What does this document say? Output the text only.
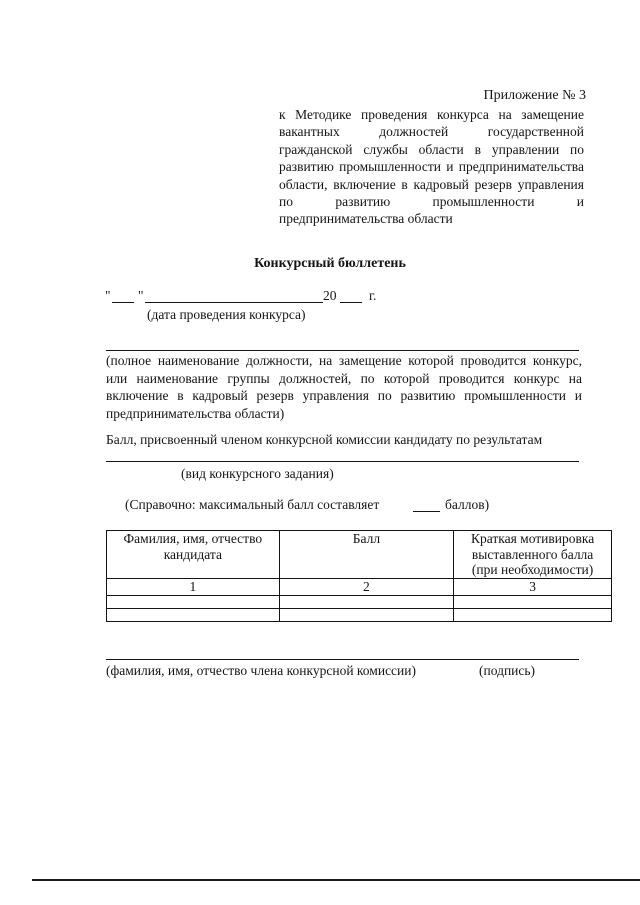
Приложение № 3
к Методике проведения конкурса на замещение вакантных должностей государственной гражданской службы области в управлении по развитию промышленности и предпринимательства области, включение в кадровый резерв управления по развитию промышленности и предпринимательства области
Конкурсный бюллетень
" "	20 г.
(дата проведения конкурса)
(полное наименование должности, на замещение которой проводится конкурс, или наименование группы должностей, по которой проводится конкурс на включение в кадровый резерв управления по развитию промышленности и предпринимательства области)
Балл, присвоенный членом конкурсной комиссии кандидату по результатам
(вид конкурсного задания)
(Справочно: максимальный балл составляет	баллов)
Фамилия, имя, отчество кандидата	Балл	Краткая мотивировка выставленного балла (при необходимости)
1	2	3

(фамилия, имя, отчество члена конкурсной комиссии)	(подпись)
